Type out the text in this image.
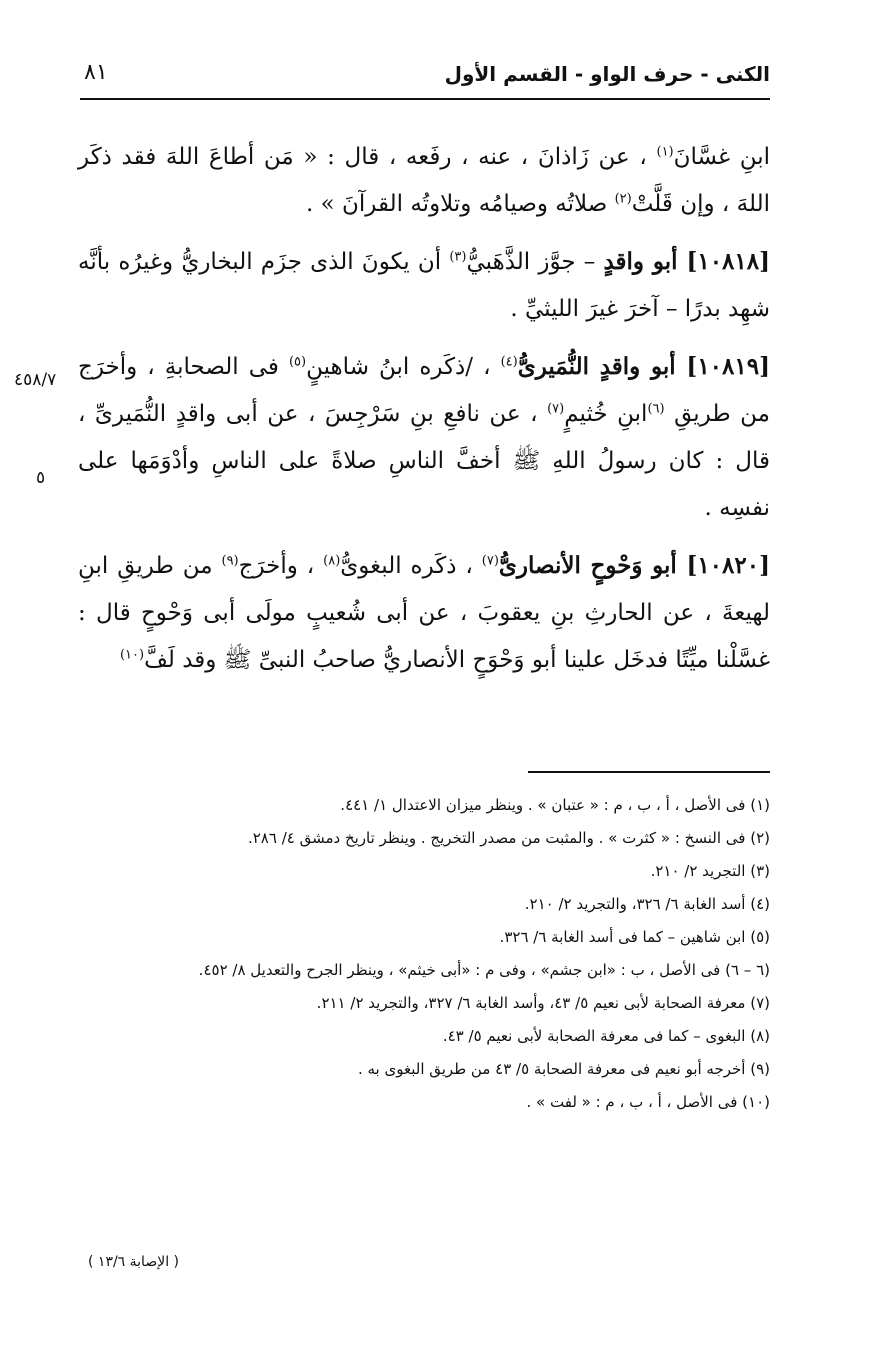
الكنى - حرف الواو - القسم الأول
٨١
٤٥٨/٧
٥

ابنِ غسَّانَ$^{(١)}$ ، عن زَاذانَ ، عنه ، رفَعه ، قال : « مَن أطاعَ اللهَ فقد ذكَر اللهَ ، وإن قَلَّتْ$^{(٢)}$ صلاتُه وصيامُه وتلاوتُه القرآنَ » .

[١٠٨١٨] أبو واقدٍ – جوَّز الذَّهَبيُّ$^{(٣)}$ أن يكونَ الذى جزَم البخاريُّ وغيرُه بأنَّه شهِد بدرًا – آخرَ غيرَ الليثيِّ .

[١٠٨١٩] أبو واقدٍ النُّمَيرىُّ$^{(٤)}$ ، /ذكَره ابنُ شاهينٍ$^{(٥)}$ فى الصحابةِ ، وأخرَج من طريقِ $^{(٦)}$ابنِ خُثيمٍ$^{(٧)}$ ، عن نافعِ بنِ سَرْجِسَ ، عن أبى واقدٍ النُّمَيرىِّ ، قال : كان رسولُ اللهِ ﷺ أخفَّ الناسِ صلاةً على الناسِ وأدْوَمَها على نفسِه .

[١٠٨٢٠] أبو وَحْوحٍ الأنصارىُّ$^{(٧)}$ ، ذكَره البغوىُّ$^{(٨)}$ ، وأخرَج$^{(٩)}$ من طريقِ ابنِ لهيعةَ ، عن الحارثِ بنِ يعقوبَ ، عن أبى شُعيبٍ مولَى أبى وَحْوحٍ قال : غسَّلْنا ميِّتًا فدخَل علينا أبو وَحْوَحٍ الأنصاريُّ صاحبُ النبىِّ ﷺ وقد لَفَّ$^{(١٠)}$

(١) فى الأصل ، أ ، ب ، م : « عتبان » . وينظر ميزان الاعتدال ١/ ٤٤١.
(٢) فى النسخ : « كثرت » . والمثبت من مصدر التخريج . وينظر تاريخ دمشق ٤/ ٢٨٦.
(٣) التجريد ٢/ ٢١٠.
(٤) أسد الغابة ٦/ ٣٢٦، والتجريد ٢/ ٢١٠.
(٥) ابن شاهين – كما فى أسد الغابة ٦/ ٣٢٦.
(٦ – ٦) فى الأصل ، ب : «ابن جشم» ، وفى م : «أبى خيثم» ، وينظر الجرح والتعديل ٨/ ٤٥٢.
(٧) معرفة الصحابة لأبى نعيم ٥/ ٤٣، وأسد الغابة ٦/ ٣٢٧، والتجريد ٢/ ٢١١.
(٨) البغوى – كما فى معرفة الصحابة لأبى نعيم ٥/ ٤٣.
(٩) أخرجه أبو نعيم فى معرفة الصحابة ٥/ ٤٣ من طريق البغوى به .
(١٠) فى الأصل ، أ ، ب ، م : « لفت » .
( الإصابة ١٣/٦ )
